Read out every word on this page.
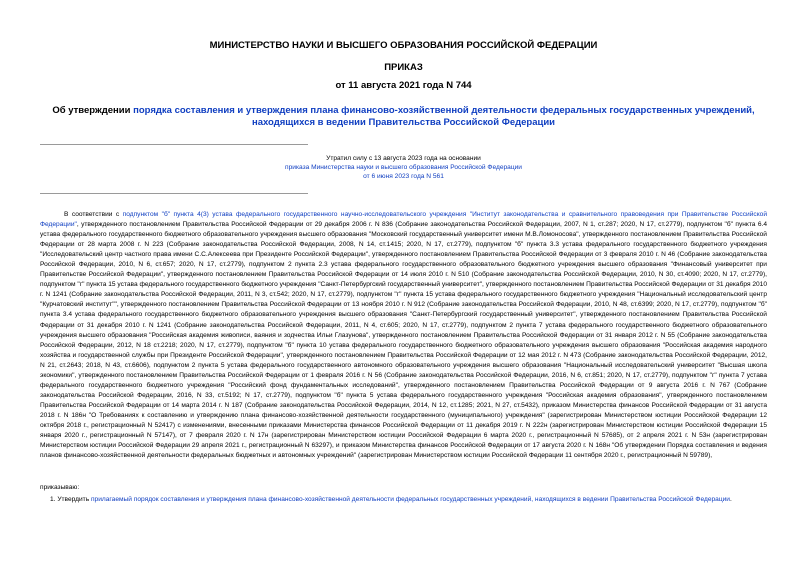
МИНИСТЕРСТВО НАУКИ И ВЫСШЕГО ОБРАЗОВАНИЯ РОССИЙСКОЙ ФЕДЕРАЦИИ
ПРИКАЗ
от 11 августа 2021 года N 744
Об утверждении порядка составления и утверждения плана финансово-хозяйственной деятельности федеральных государственных учреждений, находящихся в ведении Правительства Российской Федерации
Утратил силу с 13 августа 2023 года на основании
приказа Министерства науки и высшего образования Российской Федерации
от 6 июня 2023 года N 561
В соответствии с подпунктом "б" пункта 4(3) устава федерального государственного научно-исследовательского учреждения "Институт законодательства и сравнительного правоведения при Правительстве Российской Федерации", утвержденного постановлением Правительства Российской Федерации от 29 декабря 2006 г. N 836 (Собрание законодательства Российской Федерации, 2007, N 1, ст.287; 2020, N 17, ст.2779), подпунктом "б" пункта 6.4 устава федерального государственного бюджетного образовательного учреждения высшего образования "Московский государственный университет имени М.В.Ломоносова", утвержденного постановлением Правительства Российской Федерации от 28 марта 2008 г. N 223 (Собрание законодательства Российской Федерации, 2008, N 14, ст.1415; 2020, N 17, ст.2779), подпунктом "б" пункта 3.3 устава федерального государственного бюджетного учреждения "Исследовательский центр частного права имени С.С.Алексеева при Президенте Российской Федерации", утвержденного постановлением Правительства Российской Федерации от 3 февраля 2010 г. N 46 (Собрание законодательства Российской Федерации, 2010, N 6, ст.657; 2020, N 17, ст.2779), подпунктом 2 пункта 2.3 устава федерального государственного образовательного бюджетного учреждения высшего образования "Финансовый университет при Правительстве Российской Федерации", утвержденного постановлением Правительства Российской Федерации от 14 июля 2010 г. N 510 (Собрание законодательства Российской Федерации, 2010, N 30, ст.4090; 2020, N 17, ст.2779), подпунктом "г" пункта 15 устава федерального государственного бюджетного учреждения "Санкт-Петербургский государственный университет", утвержденного постановлением Правительства Российской Федерации от 31 декабря 2010 г. N 1241 (Собрание законодательства Российской Федерации, 2011, N 3, ст.542; 2020, N 17, ст.2779), подпунктом "г" пункта 15 устава федерального государственного бюджетного учреждения "Национальный исследовательский центр "Курчатовский институт"", утвержденного постановлением Правительства Российской Федерации от 13 ноября 2010 г. N 912 (Собрание законодательства Российской Федерации, 2010, N 48, ст.6399; 2020, N 17, ст.2779), подпунктом "б" пункта 3.4 устава федерального государственного бюджетного образовательного учреждения высшего образования "Санкт-Петербургский государственный университет", утвержденного постановлением Правительства Российской Федерации от 31 декабря 2010 г. N 1241 (Собрание законодательства Российской Федерации, 2011, N 4, ст.605; 2020, N 17, ст.2779), подпунктом 2 пункта 7 устава федерального государственного бюджетного образовательного учреждения высшего образования "Российская академия живописи, ваяния и зодчества Ильи Глазунова", утвержденного постановлением Правительства Российской Федерации от 31 января 2012 г. N 55 (Собрание законодательства Российской Федерации, 2012, N 18 ст.2218; 2020, N 17, ст.2779), подпунктом "б" пункта 10 устава федерального государственного бюджетного образовательного учреждения высшего образования "Российская академия народного хозяйства и государственной службы при Президенте Российской Федерации", утвержденного постановлением Правительства Российской Федерации от 12 мая 2012 г. N 473 (Собрание законодательства Российской Федерации, 2012, N 21, ст.2643; 2018, N 43, ст.6606), подпунктом 2 пункта 5 устава федерального государственного автономного образовательного учреждения высшего образования "Национальный исследовательский университет "Высшая школа экономики", утвержденного постановлением Правительства Российской Федерации от 1 февраля 2016 г. N 56 (Собрание законодательства Российской Федерации, 2016, N 6, ст.851; 2020, N 17, ст.2779), подпунктом "г" пункта 7 устава федерального государственного бюджетного учреждения "Российский фонд фундаментальных исследований", утвержденного постановлением Правительства Российской Федерации от 9 августа 2016 г. N 767 (Собрание законодательства Российской Федерации, 2016, N 33, ст.5192; N 17, ст.2779), подпунктом "б" пункта 5 устава федерального государственного учреждения "Российская академия образования", утвержденного постановлением Правительства Российской Федерации от 14 марта 2014 г. N 187 (Собрание законодательства Российской Федерации, 2014, N 12, ст.1285; 2021, N 27, ст.5432), приказом Министерства финансов Российской Федерации от 31 августа 2018 г. N 186н "О Требованиях к составлению и утверждению плана финансово-хозяйственной деятельности государственного (муниципального) учреждения" (зарегистрирован Министерством юстиции Российской Федерации 12 октября 2018 г., регистрационный N 52417) с изменениями, внесенными приказами Министерства финансов Российской Федерации от 11 декабря 2019 г. N 222н (зарегистрирован Министерством юстиции Российской Федерации 15 января 2020 г., регистрационный N 57147), от 7 февраля 2020 г. N 17н (зарегистрирован Министерством юстиции Российской Федерации 6 марта 2020 г., регистрационный N 57685), от 2 апреля 2021 г. N 53н (зарегистрирован Министерством юстиции Российской Федерации 29 апреля 2021 г., регистрационный N 63297), и приказом Министерства финансов Российской Федерации от 17 августа 2020 г. N 168н "Об утверждении Порядка составления и ведения планов финансово-хозяйственной деятельности федеральных бюджетных и автономных учреждений" (зарегистрирован Министерством юстиции Российской Федерации 11 сентября 2020 г., регистрационный N 59789),
приказываю:
1. Утвердить прилагаемый порядок составления и утверждения плана финансово-хозяйственной деятельности федеральных государственных учреждений, находящихся в ведении Правительства Российской Федерации.
